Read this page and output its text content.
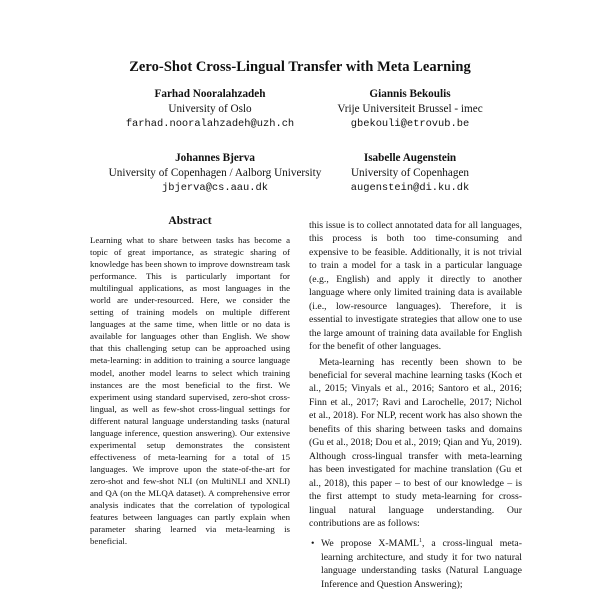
Zero-Shot Cross-Lingual Transfer with Meta Learning
Farhad Nooralahzadeh
University of Oslo
farhad.nooralahzadeh@uzh.ch
Giannis Bekoulis
Vrije Universiteit Brussel - imec
gbekouli@etrovub.be
Johannes Bjerva
University of Copenhagen / Aalborg University
jbjerva@cs.aau.dk
Isabelle Augenstein
University of Copenhagen
augenstein@di.ku.dk
Abstract
Learning what to share between tasks has become a topic of great importance, as strategic sharing of knowledge has been shown to improve downstream task performance. This is particularly important for multilingual applications, as most languages in the world are under-resourced. Here, we consider the setting of training models on multiple different languages at the same time, when little or no data is available for languages other than English. We show that this challenging setup can be approached using meta-learning: in addition to training a source language model, another model learns to select which training instances are the most beneficial to the first. We experiment using standard supervised, zero-shot cross-lingual, as well as few-shot cross-lingual settings for different natural language understanding tasks (natural language inference, question answering). Our extensive experimental setup demonstrates the consistent effectiveness of meta-learning for a total of 15 languages. We improve upon the state-of-the-art for zero-shot and few-shot NLI (on MultiNLI and XNLI) and QA (on the MLQA dataset). A comprehensive error analysis indicates that the correlation of typological features between languages can partly explain when parameter sharing learned via meta-learning is beneficial.

this issue is to collect annotated data for all languages, this process is both too time-consuming and expensive to be feasible. Additionally, it is not trivial to train a model for a task in a particular language (e.g., English) and apply it directly to another language where only limited training data is available (i.e., low-resource languages). Therefore, it is essential to investigate strategies that allow one to use the large amount of training data available for English for the benefit of other languages.

Meta-learning has recently been shown to be beneficial for several machine learning tasks (Koch et al., 2015; Vinyals et al., 2016; Santoro et al., 2016; Finn et al., 2017; Ravi and Larochelle, 2017; Nichol et al., 2018). For NLP, recent work has also shown the benefits of this sharing between tasks and domains (Gu et al., 2018; Dou et al., 2019; Qian and Yu, 2019). Although cross-lingual transfer with meta-learning has been investigated for machine translation (Gu et al., 2018), this paper – to best of our knowledge – is the first attempt to study meta-learning for cross-lingual natural language understanding. Our contributions are as follows:

• We propose X-MAML$^1$, a cross-lingual meta-learning architecture, and study it for two natural language understanding tasks (Natural Language Inference and Question Answering);
